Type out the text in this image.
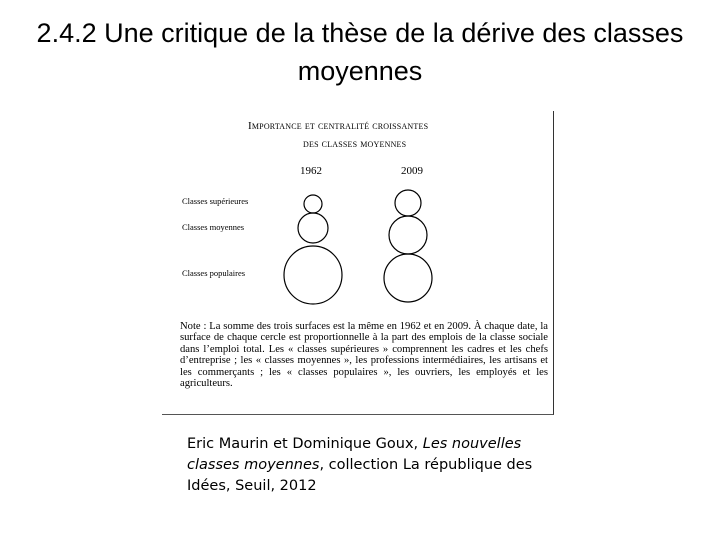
2.4.2 Une critique de la thèse de la dérive des classes moyennes
Importance et centralité croissantes
des classes moyennes
1962	2009
Classes supérieures
Classes moyennes
Classes populaires
Note : La somme des trois surfaces est la même en 1962 et en 2009. À chaque date, la surface de chaque cercle est proportionnelle à la part des emplois de la classe sociale dans l’emploi total. Les « classes supérieures » comprennent les cadres et les chefs d’entreprise ; les « classes moyennes », les professions intermédiaires, les artisans et les commerçants ; les « classes populaires », les ouvriers, les employés et les agriculteurs.

Eric Maurin et Dominique Goux, Les nouvelles classes moyennes, collection La république des Idées, Seuil, 2012
